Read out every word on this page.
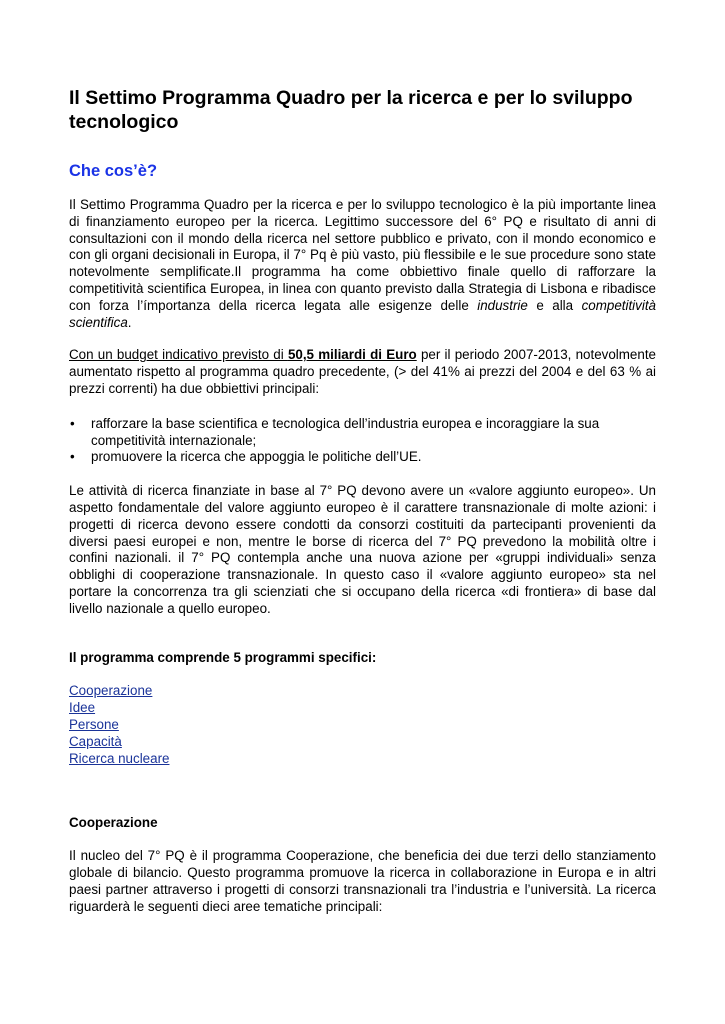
Il Settimo Programma Quadro per la ricerca e per lo sviluppo tecnologico
Che cos’è?

Il Settimo Programma Quadro per la ricerca e per lo sviluppo tecnologico è la più importante linea di finanziamento europeo per la ricerca. Legittimo successore del 6° PQ e risultato di anni di consultazioni con il mondo della ricerca nel settore pubblico e privato, con il mondo economico e con gli organi decisionali in Europa, il 7° Pq è più vasto, più flessibile e le sue procedure sono state notevolmente semplificate.Il programma ha come obbiettivo finale quello di rafforzare la competitività scientifica Europea, in linea con quanto previsto dalla Strategia di Lisbona e ribadisce con forza l’ímportanza della ricerca legata alle esigenze delle industrie e alla competitività scientifica.

Con un budget indicativo previsto di 50,5 miliardi di Euro per il periodo 2007-2013, notevolmente aumentato rispetto al programma quadro precedente, (> del 41% ai prezzi del 2004 e del 63 % ai prezzi correnti) ha due obbiettivi principali:

• rafforzare la base scientifica e tecnologica dell’industria europea e incoraggiare la sua competitività internazionale;
• promuovere la ricerca che appoggia le politiche dell’UE.

Le attività di ricerca finanziate in base al 7° PQ devono avere un «valore aggiunto europeo». Un aspetto fondamentale del valore aggiunto europeo è il carattere transnazionale di molte azioni: i progetti di ricerca devono essere condotti da consorzi costituiti da partecipanti provenienti da diversi paesi europei e non, mentre le borse di ricerca del 7° PQ prevedono la mobilità oltre i confini nazionali. il 7° PQ contempla anche una nuova azione per «gruppi individuali» senza obblighi di cooperazione transnazionale. In questo caso il «valore aggiunto europeo» sta nel portare la concorrenza tra gli scienziati che si occupano della ricerca «di frontiera» di base dal livello nazionale a quello europeo.

Il programma comprende 5 programmi specifici:

Cooperazione
Idee
Persone
Capacità
Ricerca nucleare

Cooperazione

Il nucleo del 7° PQ è il programma Cooperazione, che beneficia dei due terzi dello stanziamento globale di bilancio. Questo programma promuove la ricerca in collaborazione in Europa e in altri paesi partner attraverso i progetti di consorzi transnazionali tra l’industria e l’università. La ricerca riguarderà le seguenti dieci aree tematiche principali:
